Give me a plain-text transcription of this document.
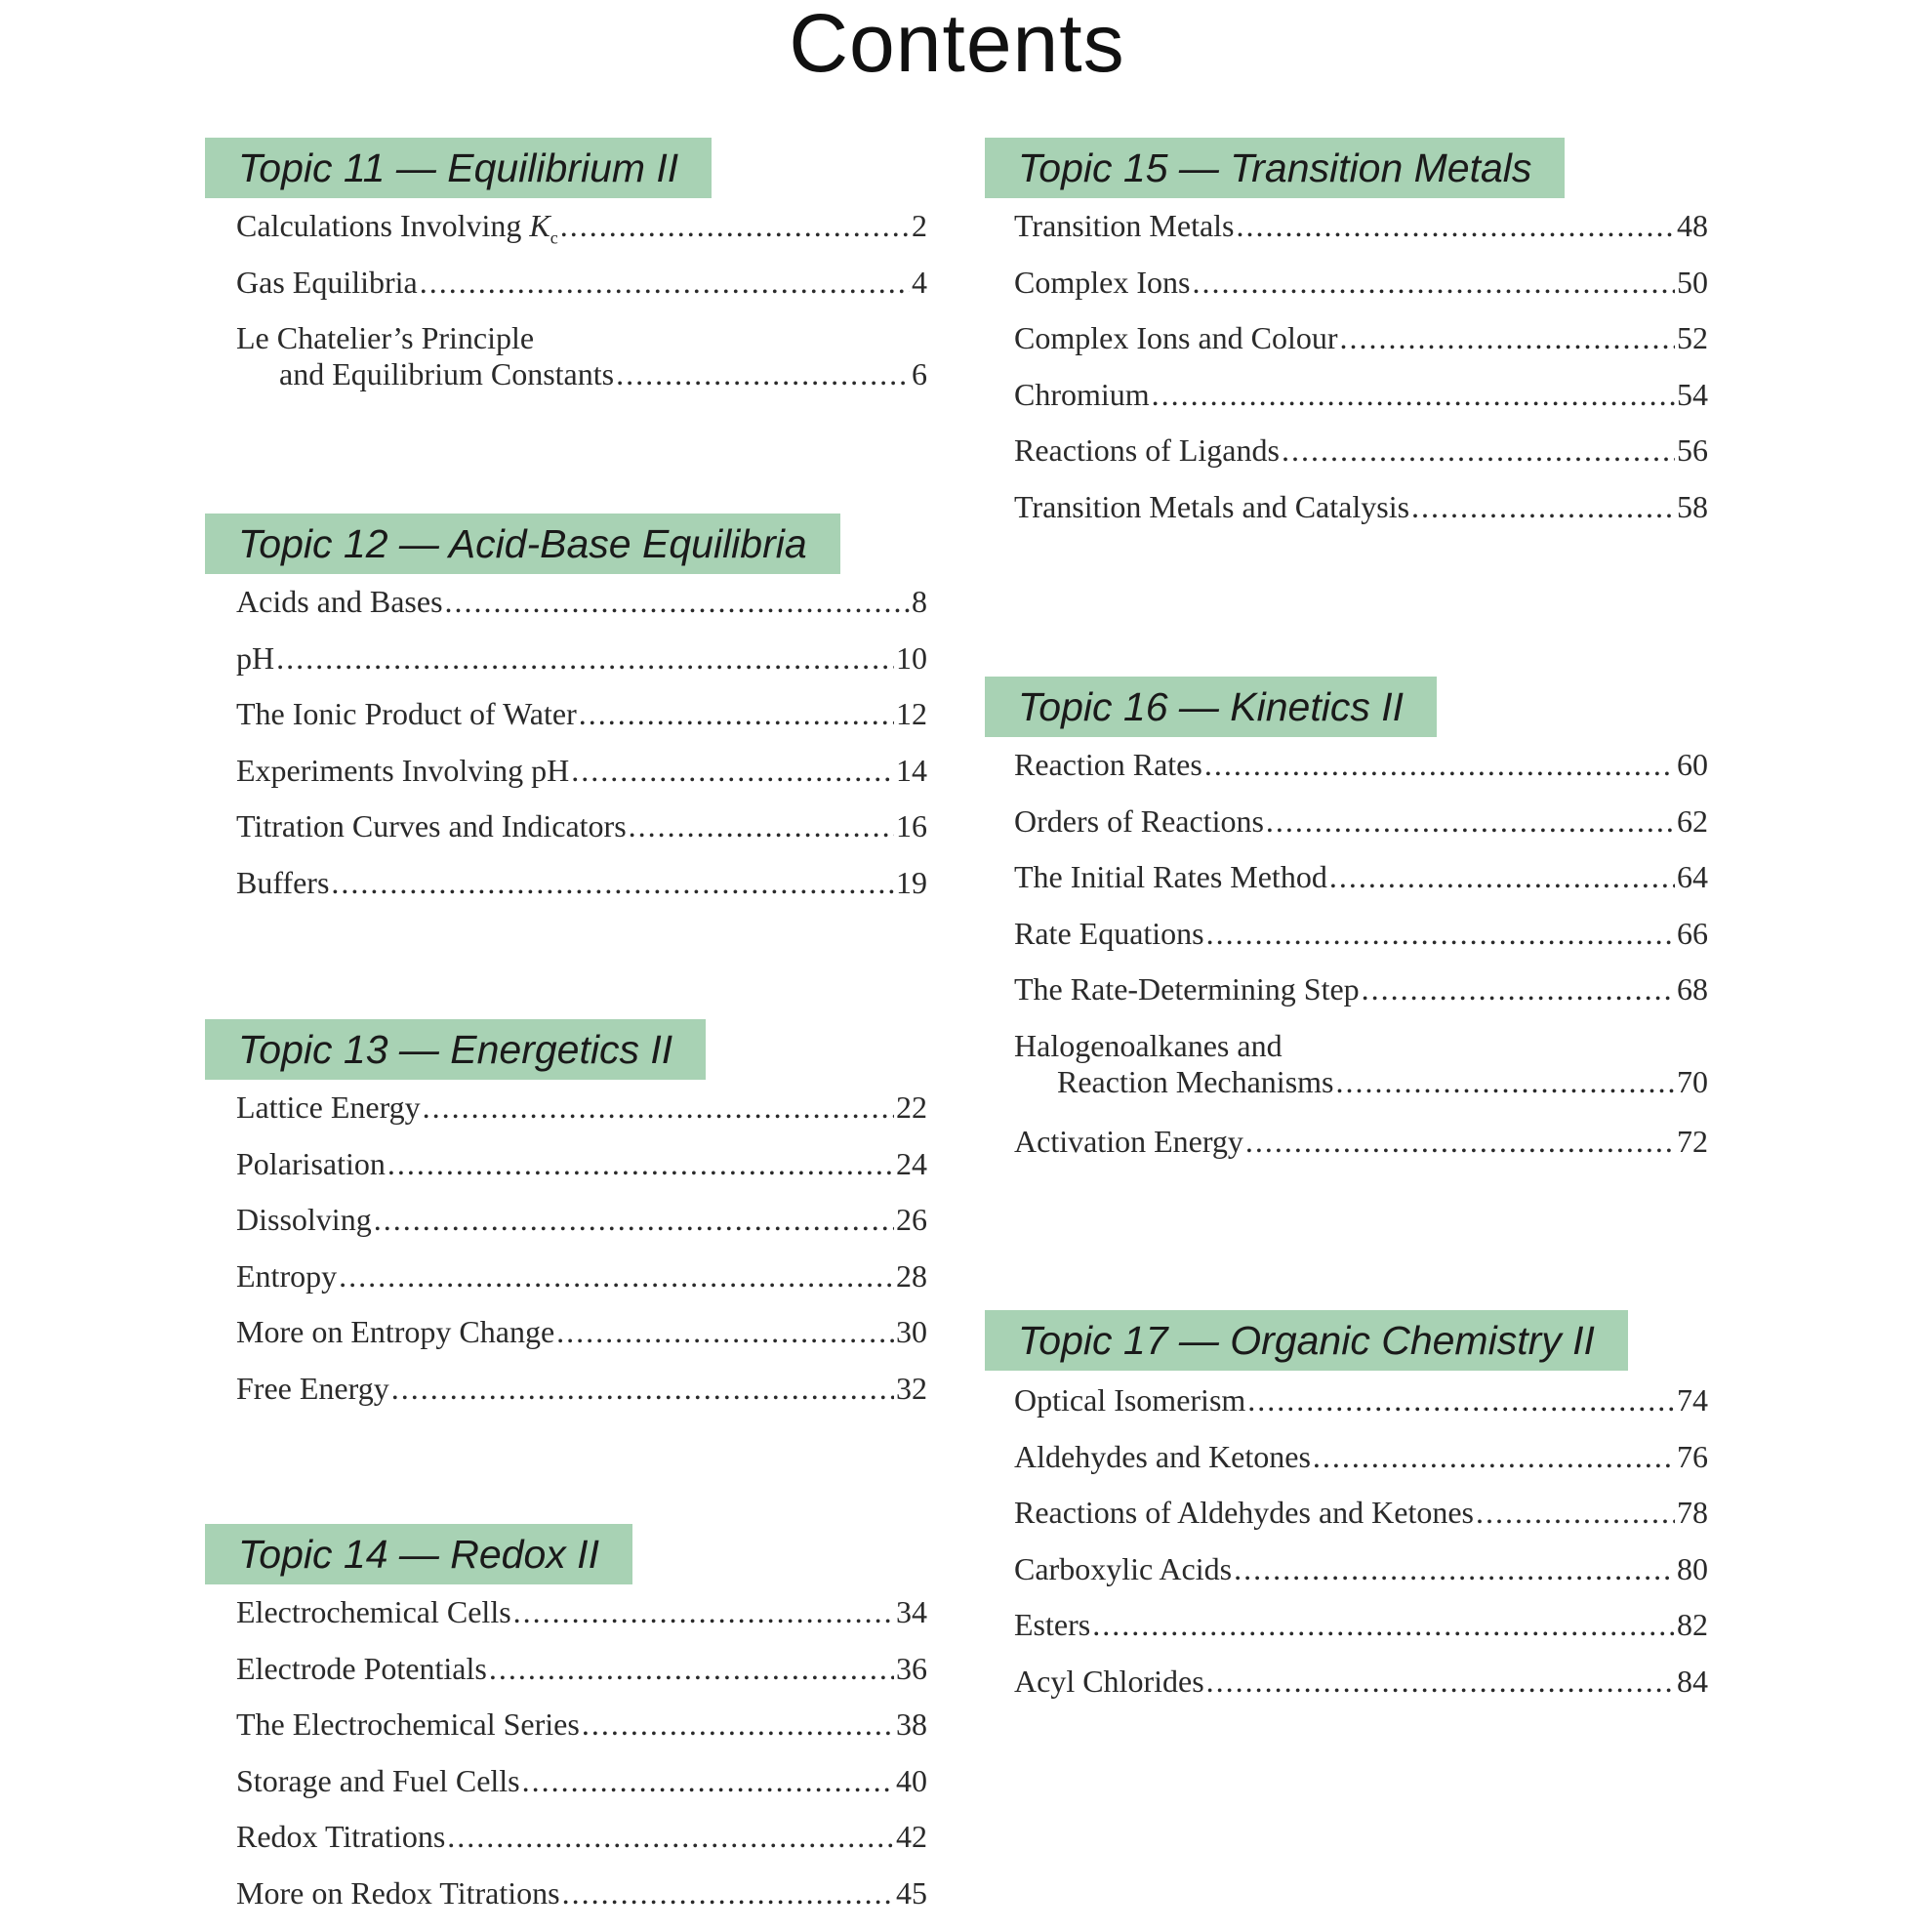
Contents
Topic 11 — Equilibrium II
Calculations Involving $K_c$ .....	2
Gas Equilibria .....	4
Le Chatelier’s Principle
and Equilibrium Constants .....	6
Topic 12 — Acid-Base Equilibria
Acids and Bases .....	8
pH .....	10
The Ionic Product of Water .....	12
Experiments Involving pH .....	14
Titration Curves and Indicators .....	16
Buffers .....	19
Topic 13 — Energetics II
Lattice Energy .....	22
Polarisation .....	24
Dissolving .....	26
Entropy .....	28
More on Entropy Change .....	30
Free Energy .....	32
Topic 14 — Redox II
Electrochemical Cells .....	34
Electrode Potentials .....	36
The Electrochemical Series .....	38
Storage and Fuel Cells .....	40
Redox Titrations .....	42
More on Redox Titrations .....	45
Topic 15 — Transition Metals
Transition Metals .....	48
Complex Ions .....	50
Complex Ions and Colour .....	52
Chromium .....	54
Reactions of Ligands .....	56
Transition Metals and Catalysis .....	58
Topic 16 — Kinetics II
Reaction Rates .....	60
Orders of Reactions .....	62
The Initial Rates Method .....	64
Rate Equations .....	66
The Rate-Determining Step .....	68
Halogenoalkanes and
Reaction Mechanisms .....	70
Activation Energy .....	72
Topic 17 — Organic Chemistry II
Optical Isomerism .....	74
Aldehydes and Ketones .....	76
Reactions of Aldehydes and Ketones .....	78
Carboxylic Acids .....	80
Esters .....	82
Acyl Chlorides .....	84
